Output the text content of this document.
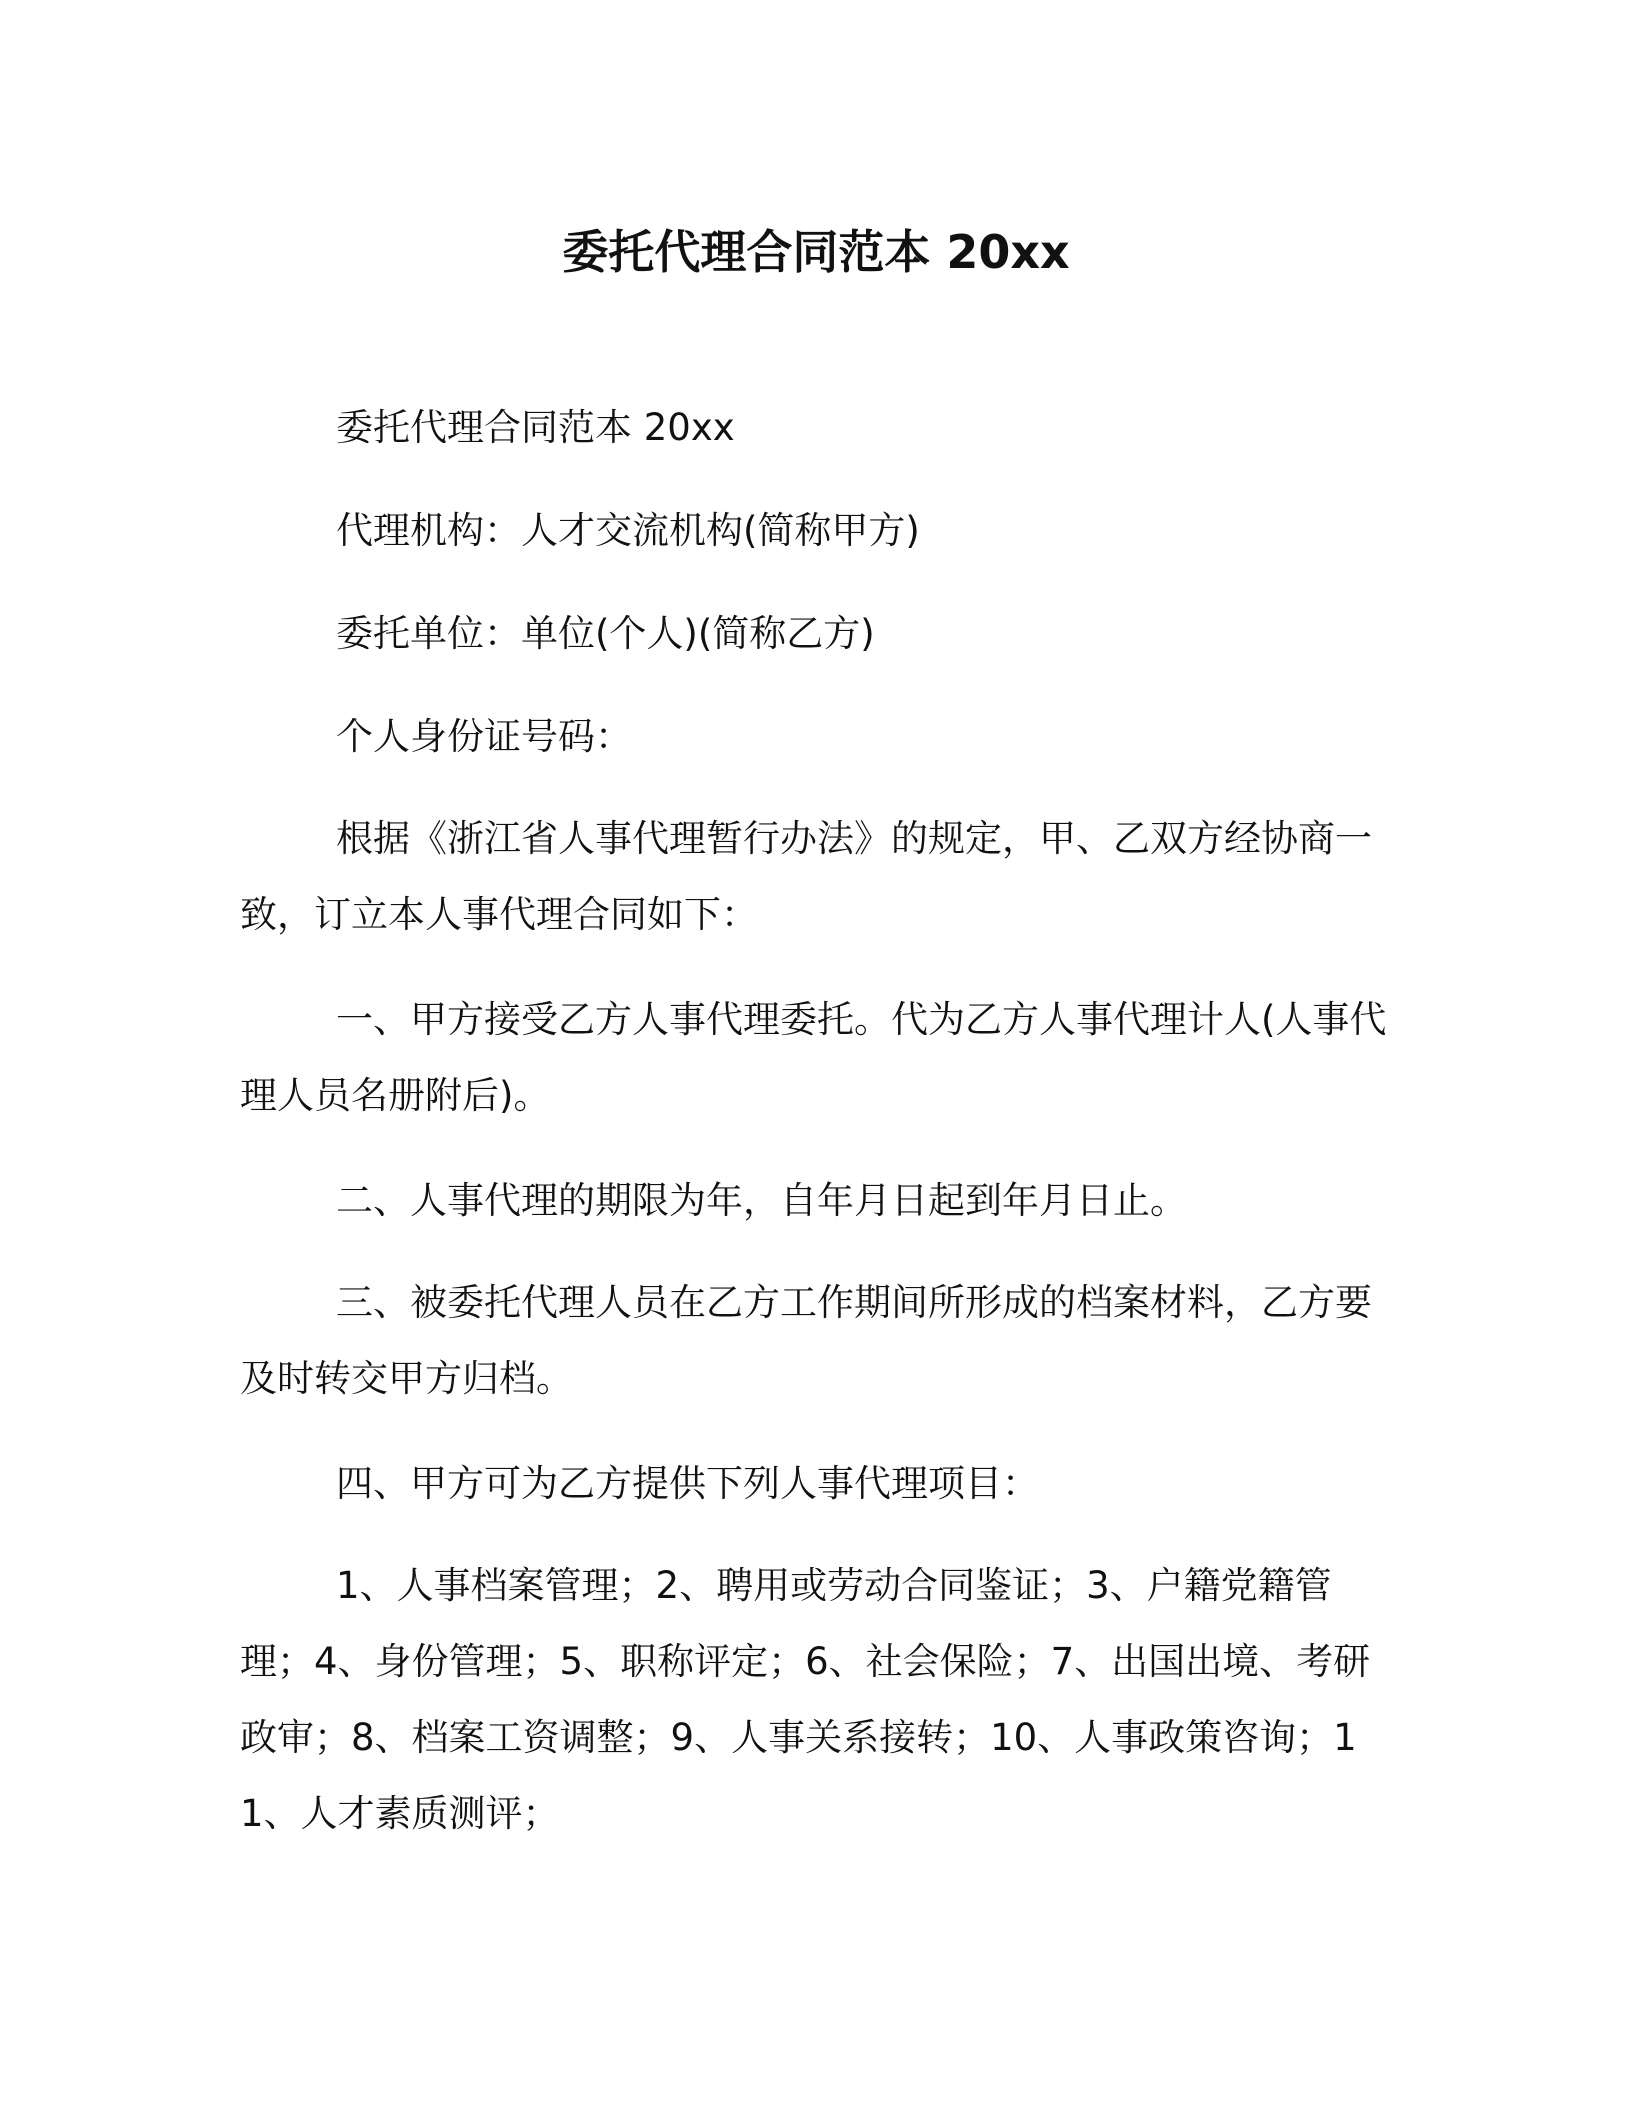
委托代理合同范本 20xx

委托代理合同范本 20xx

代理机构：人才交流机构(简称甲方)

委托单位：单位(个人)(简称乙方)

个人身份证号码：

根据《浙江省人事代理暂行办法》的规定，甲、乙双方经协商一致，订立本人事代理合同如下：

一、甲方接受乙方人事代理委托。代为乙方人事代理计人(人事代理人员名册附后)。

二、人事代理的期限为年，自年月日起到年月日止。

三、被委托代理人员在乙方工作期间所形成的档案材料，乙方要及时转交甲方归档。

四、甲方可为乙方提供下列人事代理项目：

1、人事档案管理；2、聘用或劳动合同鉴证；3、户籍党籍管理；4、身份管理；5、职称评定；6、社会保险；7、出国出境、考研政审；8、档案工资调整；9、人事关系接转；10、人事政策咨询；11、人才素质测评；
